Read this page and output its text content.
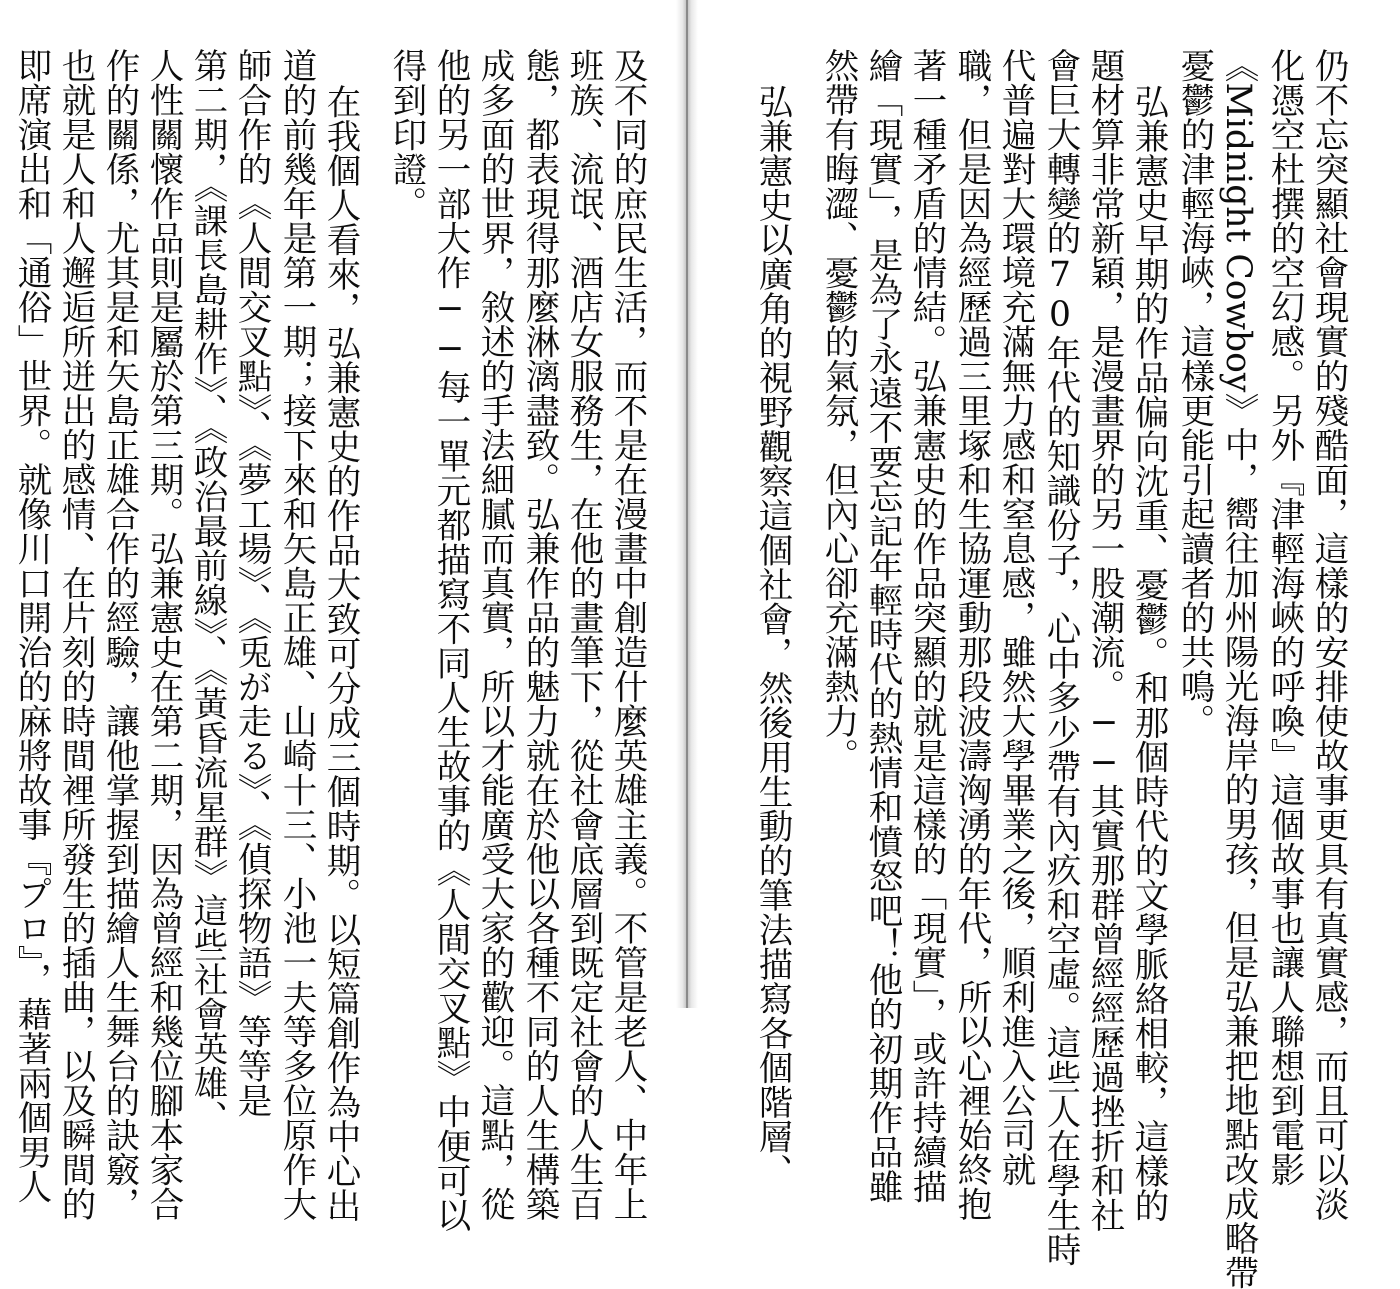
仍不忘突顯社會現實的殘酷面，這樣的安排使故事更具有真實感，而且可以淡
化憑空杜撰的空幻感。另外『津輕海峽的呼喚』這個故事也讓人聯想到電影
《Midnight Cowboy》中，嚮往加州陽光海岸的男孩，但是弘兼把地點改成略帶
憂鬱的津輕海峽，這樣更能引起讀者的共鳴。
弘兼憲史早期的作品偏向沈重、憂鬱。和那個時代的文學脈絡相較，這樣的
題材算非常新穎，是漫畫界的另一股潮流。──其實那群曾經經歷過挫折和社
會巨大轉變的70年代的知識份子，心中多少帶有內疚和空虛。這些人在學生時
代普遍對大環境充滿無力感和窒息感，雖然大學畢業之後，順利進入公司就
職，但是因為經歷過三里塚和生協運動那段波濤洶湧的年代，所以心裡始終抱
著一種矛盾的情結。弘兼憲史的作品突顯的就是這樣的「現實」，或許持續描
繪「現實」，是為了永遠不要忘記年輕時代的熱情和憤怒吧！他的初期作品雖
然帶有晦澀、憂鬱的氣氛，但內心卻充滿熱力。
弘兼憲史以廣角的視野觀察這個社會，然後用生動的筆法描寫各個階層、
及不同的庶民生活，而不是在漫畫中創造什麼英雄主義。不管是老人、中年上
班族、流氓、酒店女服務生，在他的畫筆下，從社會底層到既定社會的人生百
態，都表現得那麼淋漓盡致。弘兼作品的魅力就在於他以各種不同的人生構築
成多面的世界，敘述的手法細膩而真實，所以才能廣受大家的歡迎。這點，從
他的另一部大作──每一單元都描寫不同人生故事的《人間交叉點》中便可以
得到印證。
在我個人看來，弘兼憲史的作品大致可分成三個時期。以短篇創作為中心出
道的前幾年是第一期；接下來和矢島正雄、山崎十三、小池一夫等多位原作大
師合作的《人間交叉點》、《夢工場》、《兎が走る》、《偵探物語》等等是
第二期，《課長島耕作》、《政治最前線》、《黃昏流星群》這些社會英雄、
人性關懷作品則是屬於第三期。弘兼憲史在第二期，因為曾經和幾位腳本家合
作的關係，尤其是和矢島正雄合作的經驗，讓他掌握到描繪人生舞台的訣竅，
也就是人和人邂逅所迸出的感情、在片刻的時間裡所發生的插曲，以及瞬間的
即席演出和「通俗」世界。就像川口開治的麻將故事『プロ』，藉著兩個男人
